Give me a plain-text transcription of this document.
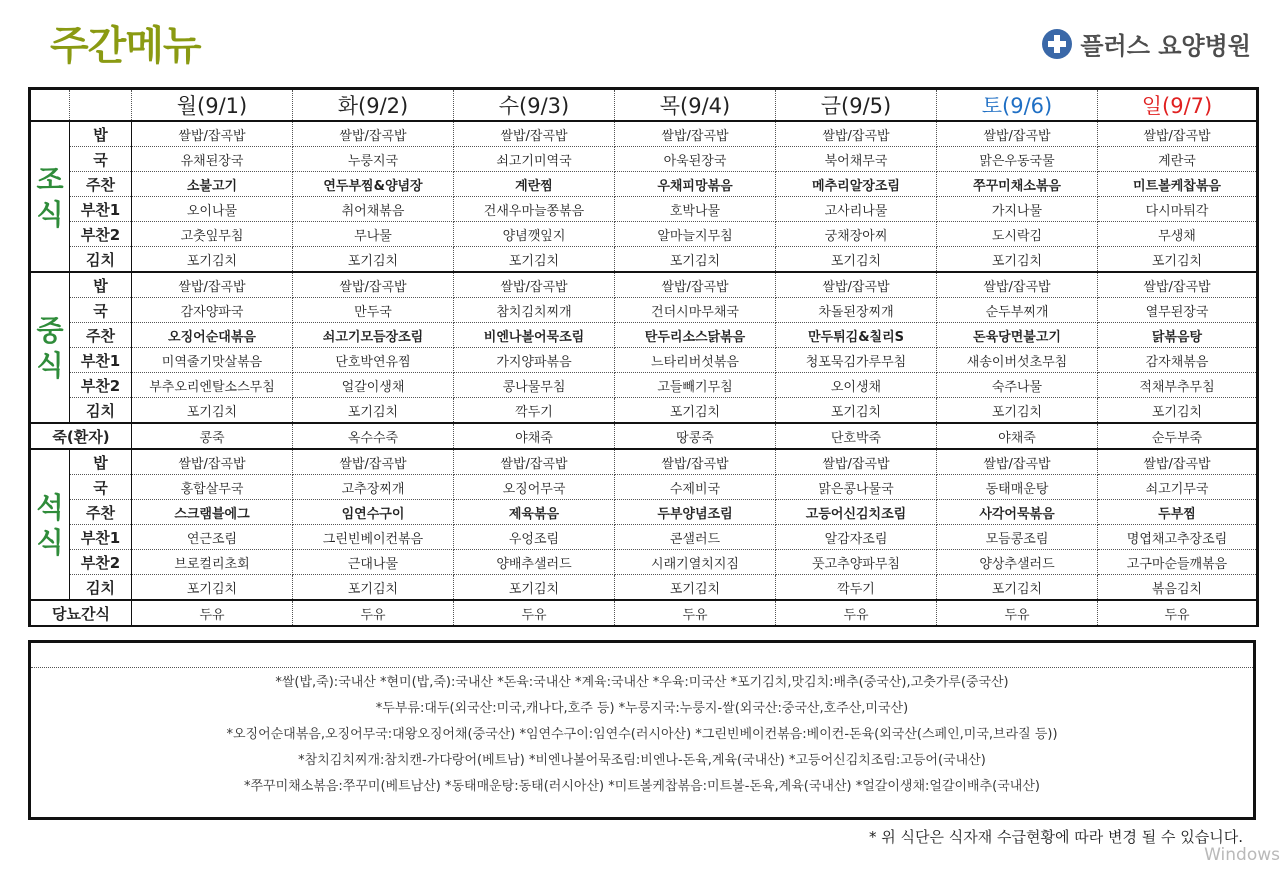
주간메뉴	플러스 요양병원
		월(9/1)	화(9/2)	수(9/3)	목(9/4)	금(9/5)	토(9/6)	일(9/7)

조
식	밥	쌀밥/잡곡밥	쌀밥/잡곡밥	쌀밥/잡곡밥	쌀밥/잡곡밥	쌀밥/잡곡밥	쌀밥/잡곡밥	쌀밥/잡곡밥
	국	유채된장국	누룽지국	쇠고기미역국	아욱된장국	북어채무국	맑은우동국물	계란국
	주찬	소불고기	연두부찜&양념장	계란찜	우채피망볶음	메추리알장조림	쭈꾸미채소볶음	미트볼케찹볶음
	부찬1	오이나물	취어채볶음	건새우마늘쫑볶음	호박나물	고사리나물	가지나물	다시마튀각
	부찬2	고춧잎무침	무나물	양념깻잎지	알마늘지무침	궁채장아찌	도시락김	무생채
	김치	포기김치	포기김치	포기김치	포기김치	포기김치	포기김치	포기김치

중
식	밥	쌀밥/잡곡밥	쌀밥/잡곡밥	쌀밥/잡곡밥	쌀밥/잡곡밥	쌀밥/잡곡밥	쌀밥/잡곡밥	쌀밥/잡곡밥
	국	감자양파국	만두국	참치김치찌개	건더시마무채국	차돌된장찌개	순두부찌개	열무된장국
	주찬	오징어순대볶음	쇠고기모듬장조림	비엔나볼어묵조림	탄두리소스닭볶음	만두튀김&칠리S	돈육당면불고기	닭볶음탕
	부찬1	미역줄기맛살볶음	단호박연유찜	가지양파볶음	느타리버섯볶음	청포묵김가루무침	새송이버섯초무침	감자채볶음
	부찬2	부추오리엔탈소스무침	얼갈이생채	콩나물무침	고들빼기무침	오이생채	숙주나물	적채부추무침
	김치	포기김치	포기김치	깍두기	포기김치	포기김치	포기김치	포기김치
죽(환자)		콩죽	옥수수죽	야채죽	땅콩죽	단호박죽	야채죽	순두부죽

석
식	밥	쌀밥/잡곡밥	쌀밥/잡곡밥	쌀밥/잡곡밥	쌀밥/잡곡밥	쌀밥/잡곡밥	쌀밥/잡곡밥	쌀밥/잡곡밥
	국	홍합살무국	고추장찌개	오징어무국	수제비국	맑은콩나물국	동태매운탕	쇠고기무국
	주찬	스크램블에그	임연수구이	제육볶음	두부양념조림	고등어신김치조림	사각어묵볶음	두부찜
	부찬1	연근조림	그린빈베이컨볶음	우엉조림	콘샐러드	알감자조림	모듬콩조림	명엽채고추장조림
	부찬2	브로컬리초회	근대나물	양배추샐러드	시래기열치지짐	풋고추양파무침	양상추샐러드	고구마순들깨볶음
	김치	포기김치	포기김치	포기김치	포기김치	깍두기	포기김치	볶음김치
당뇨간식		두유	두유	두유	두유	두유	두유	두유
*쌀(밥,죽):국내산 *현미(밥,죽):국내산 *돈육:국내산 *계육:국내산 *우육:미국산 *포기김치,맛김치:배추(중국산),고춧가루(중국산)
*두부류:대두(외국산:미국,캐나다,호주 등) *누룽지국:누룽지-쌀(외국산:중국산,호주산,미국산)
*오징어순대볶음,오징어무국:대왕오징어채(중국산) *임연수구이:임연수(러시아산) *그린빈베이컨볶음:베이컨-돈육(외국산(스페인,미국,브라질 등))
*참치김치찌개:참치캔-가다랑어(베트남) *비엔나볼어묵조림:비엔나-돈육,계육(국내산) *고등어신김치조림:고등어(국내산)
*쭈꾸미채소볶음:쭈꾸미(베트남산) *동태매운탕:동태(러시아산) *미트볼케찹볶음:미트볼-돈육,계육(국내산) *얼갈이생채:얼갈이배추(국내산)
* 위 식단은 식자재 수급현황에 따라 변경 될 수 있습니다.
Windows
